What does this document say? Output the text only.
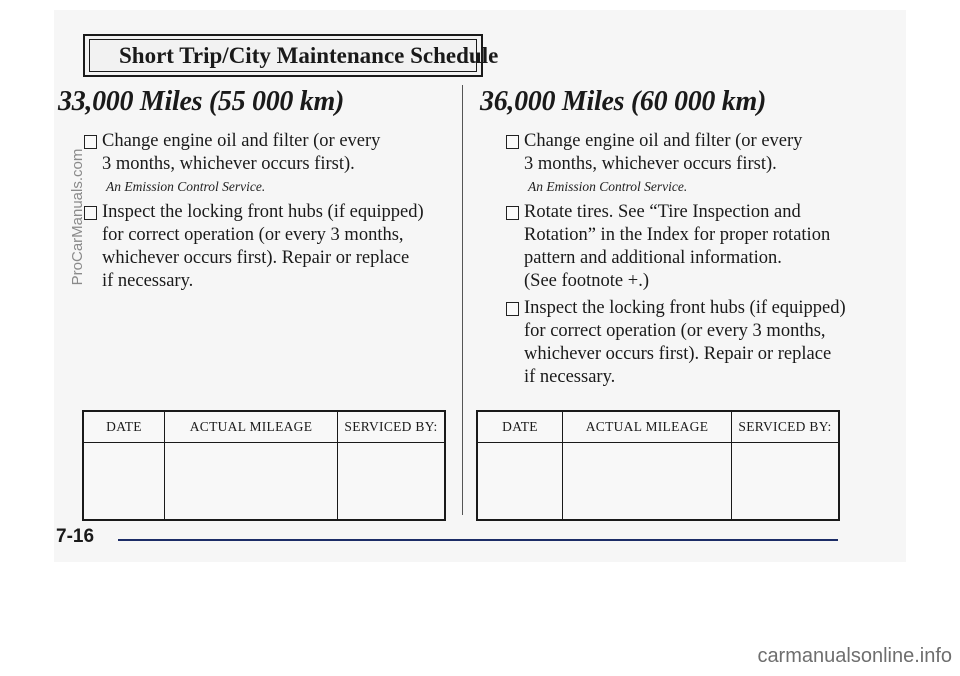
Short Trip/City Maintenance Schedule
33,000 Miles (55 000 km)
Change engine oil and filter (or every
3 months, whichever occurs first).
An Emission Control Service.
Inspect the locking front hubs (if equipped)
for correct operation (or every 3 months,
whichever occurs first). Repair or replace
if necessary.
36,000 Miles (60 000 km)
Change engine oil and filter (or every
3 months, whichever occurs first).
An Emission Control Service.
Rotate tires. See “Tire Inspection and
Rotation” in the Index for proper rotation
pattern and additional information.
(See footnote +.)
Inspect the locking front hubs (if equipped)
for correct operation (or every 3 months,
whichever occurs first). Repair or replace
if necessary.
DATE	ACTUAL MILEAGE	SERVICED BY:
			DATE	ACTUAL MILEAGE	SERVICED BY:

7-16
ProCarManuals.com
carmanualsonline.info
